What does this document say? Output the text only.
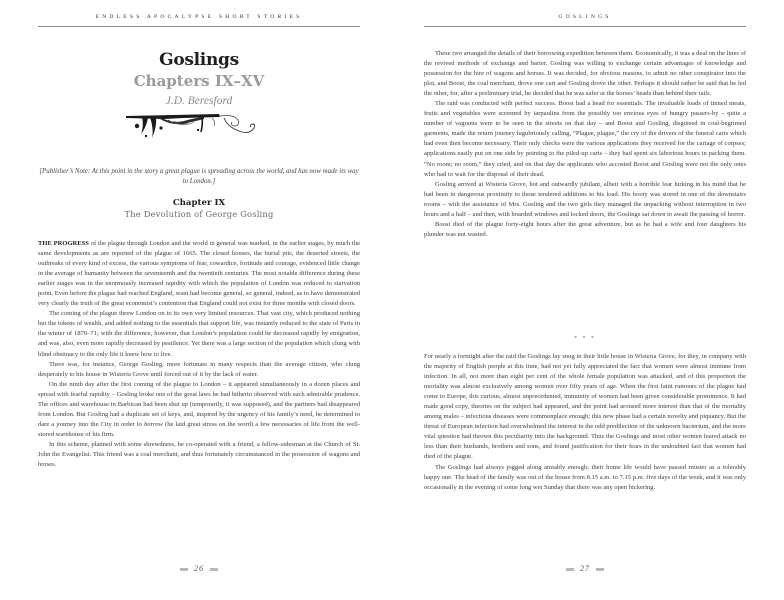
ENDLESS APOCALYPSE SHORT STORIES
Goslings
Chapters IX–XV
J.D. Beresford
[Publisher’s Note: At this point in the story a great plague is spreading across the world, and has now made its way to London.]
Chapter IX
The Devolution of George Gosling

THE PROGRESS of the plague through London and the world in general was marked, in the earlier stages, by much the same developments as are reported of the plague of 1665. The closed houses, the burial pits, the deserted streets, the outbreaks of every kind of excess, the various symptoms of fear, cowardice, fortitude and courage, evidenced little change in the average of humanity between the seventeenth and the twentieth centuries. The most notable difference during these earlier stages was in the enormously increased rapidity with which the population of London was reduced to starvation point. Even before the plague had reached England, want had become general, so general, indeed, as to have demonstrated very clearly the truth of the great economist’s contention that England could not exist for three months with closed doors.

The coming of the plague threw London on to its own very limited resources. That vast city, which produced nothing but the tokens of wealth, and added nothing to the essentials that support life, was instantly reduced to the state of Paris in the winter of 1870–71; with the difference, however, that London’s population could be decreased rapidly by emigration, and was, also, even more rapidly decreased by pestilence. Yet there was a large section of the population which clung with blind obstinacy to the only life it knew how to live.

There was, for instance, George Gosling, more fortunate in many respects than the average citizen, who clung desperately to his house in Wisteria Grove until forced out of it by the lack of water.

On the ninth day after the first coming of the plague to London – it appeared simultaneously in a dozen places and spread with fearful rapidity – Gosling broke one of the great laws he had hitherto observed with such admirable prudence. The offices and warehouse in Barbican had been shut up (temporarily, it was supposed), and the partners had disappeared from London. But Gosling had a duplicate set of keys, and, inspired by the urgency of his family’s need, he determined to dare a journey into the City in order to borrow (he laid great stress on the word) a few necessaries of life from the well-stored warehouse of his firm.

In this scheme, planned with some shrewdness, he co-operated with a friend, a fellow-sidesman at the Church of St. John the Evangelist. This friend was a coal merchant, and thus fortunately circumstanced in the possession of wagons and horses.

26
GOSLINGS

These two arranged the details of their borrowing expedition between them. Economically, it was a deal on the lines of the revived methods of exchange and barter. Gosling was willing to exchange certain advantages of knowledge and possession for the hire of wagons and horses. It was decided, for obvious reasons, to admit no other conspirator into the plot, and Boost, the coal merchant, drove one cart and Gosling drove the other. Perhaps it should rather be said that he led the other, for, after a preliminary trial, he decided that he was safer at the horses’ heads than behind their tails.

The raid was conducted with perfect success. Boost had a head for essentials. The invaluable loads of tinned meats, fruits and vegetables were screened by tarpaulins from the possibly too envious eyes of hungry passers-by – quite a number of vagrants were to be seen in the streets on that day – and Boost and Gosling, disguised in coal-begrimed garments, made the return journey lugubriously calling, “Plague, plague,” the cry of the drivers of the funeral carts which had even then become necessary. Their only checks were the various applications they received for the cartage of corpses; applications easily put on one side by pointing to the piled-up carts – they had spent six laborious hours in packing them. “No room; no room,” they cried, and on that day the applicants who accosted Boost and Gosling were not the only ones who had to wait for the disposal of their dead.

Gosling arrived at Wisteria Grove, hot and outwardly jubilant, albeit with a horrible fear lurking in his mind that he had been in dangerous proximity to those tendered additions to his load. His booty was stored in one of the downstairs rooms – with the assistance of Mrs. Gosling and the two girls they managed the unpacking without interruption in two hours and a half – and then, with boarded windows and locked doors, the Goslings sat down to await the passing of horror.

Boost died of the plague forty-eight hours after the great adventure, but as he had a wife and four daughters his plunder was not wasted.

* * *

For nearly a fortnight after the raid the Goslings lay snug in their little house in Wisteria Grove, for they, in company with the majority of English people at this time, had not yet fully appreciated the fact that women were almost immune from infection. In all, not more than eight per cent of the whole female population was attacked, and of this proportion the mortality was almost exclusively among women over fifty years of age. When the first faint rumours of the plague had come to Europe, this curious, almost unprecedented, immunity of women had been given considerable prominence. It had made good copy, theories on the subject had appeared, and the point had aroused more interest than that of the mortality among males – infectious diseases were commonplace enough; this new phase had a certain novelty and piquancy. But the threat of European infection had overwhelmed the interest in the odd predilection of the unknown bacterium, and the more vital question had thrown this peculiarity into the background. Thus the Goslings and most other women feared attack no less than their husbands, brothers and sons, and found justification for their fears in the undoubted fact that women had died of the plague.

The Goslings had always jogged along amiably enough; their home life would have passed muster as a tolerably happy one. The head of the family was out of the house from 8.15 a.m. to 7.15 p.m. five days of the week, and it was only occasionally in the evening of some long wet Sunday that there was any open bickering.

27
